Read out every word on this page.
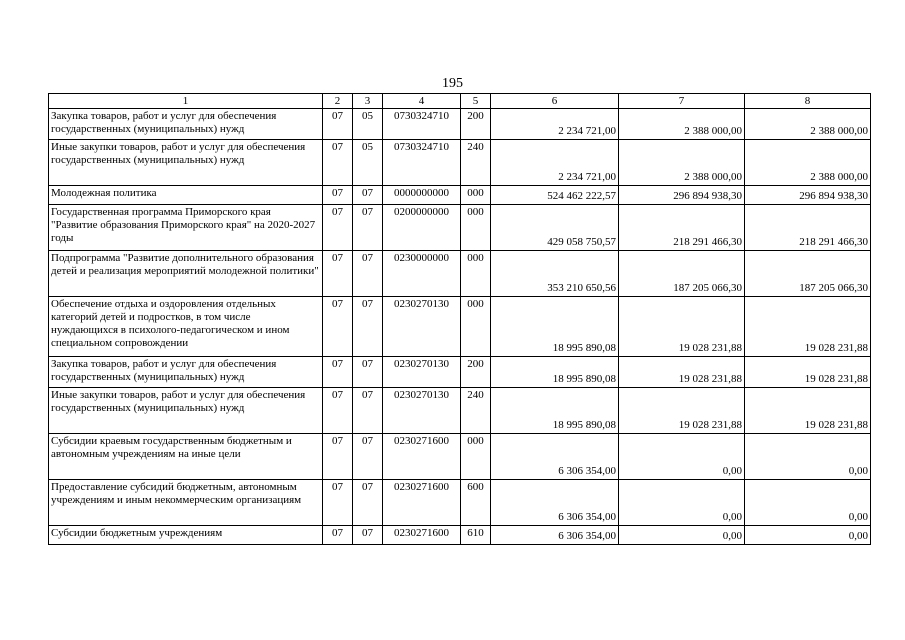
195
1	2	3	4	5	6	7	8
Закупка товаров, работ и услуг для обеспечения государственных (муниципальных) нужд	07	05	0730324710	200	2 234 721,00	2 388 000,00	2 388 000,00
Иные закупки товаров, работ и услуг для обеспечения государственных (муниципальных) нужд	07	05	0730324710	240	2 234 721,00	2 388 000,00	2 388 000,00
Молодежная политика	07	07	0000000000	000	524 462 222,57	296 894 938,30	296 894 938,30
Государственная программа Приморского края "Развитие образования Приморского края" на 2020-2027 годы	07	07	0200000000	000	429 058 750,57	218 291 466,30	218 291 466,30
Подпрограмма "Развитие дополнительного образования детей и реализация мероприятий молодежной политики"	07	07	0230000000	000	353 210 650,56	187 205 066,30	187 205 066,30
Обеспечение отдыха и оздоровления отдельных категорий детей и подростков, в том числе нуждающихся в психолого-педагогическом и ином специальном сопровождении	07	07	0230270130	000	18 995 890,08	19 028 231,88	19 028 231,88
Закупка товаров, работ и услуг для обеспечения государственных (муниципальных) нужд	07	07	0230270130	200	18 995 890,08	19 028 231,88	19 028 231,88
Иные закупки товаров, работ и услуг для обеспечения государственных (муниципальных) нужд	07	07	0230270130	240	18 995 890,08	19 028 231,88	19 028 231,88
Субсидии краевым государственным бюджетным и автономным учреждениям на иные цели	07	07	0230271600	000	6 306 354,00	0,00	0,00
Предоставление субсидий бюджетным, автономным учреждениям и иным некоммерческим организациям	07	07	0230271600	600	6 306 354,00	0,00	0,00
Субсидии бюджетным учреждениям	07	07	0230271600	610	6 306 354,00	0,00	0,00
